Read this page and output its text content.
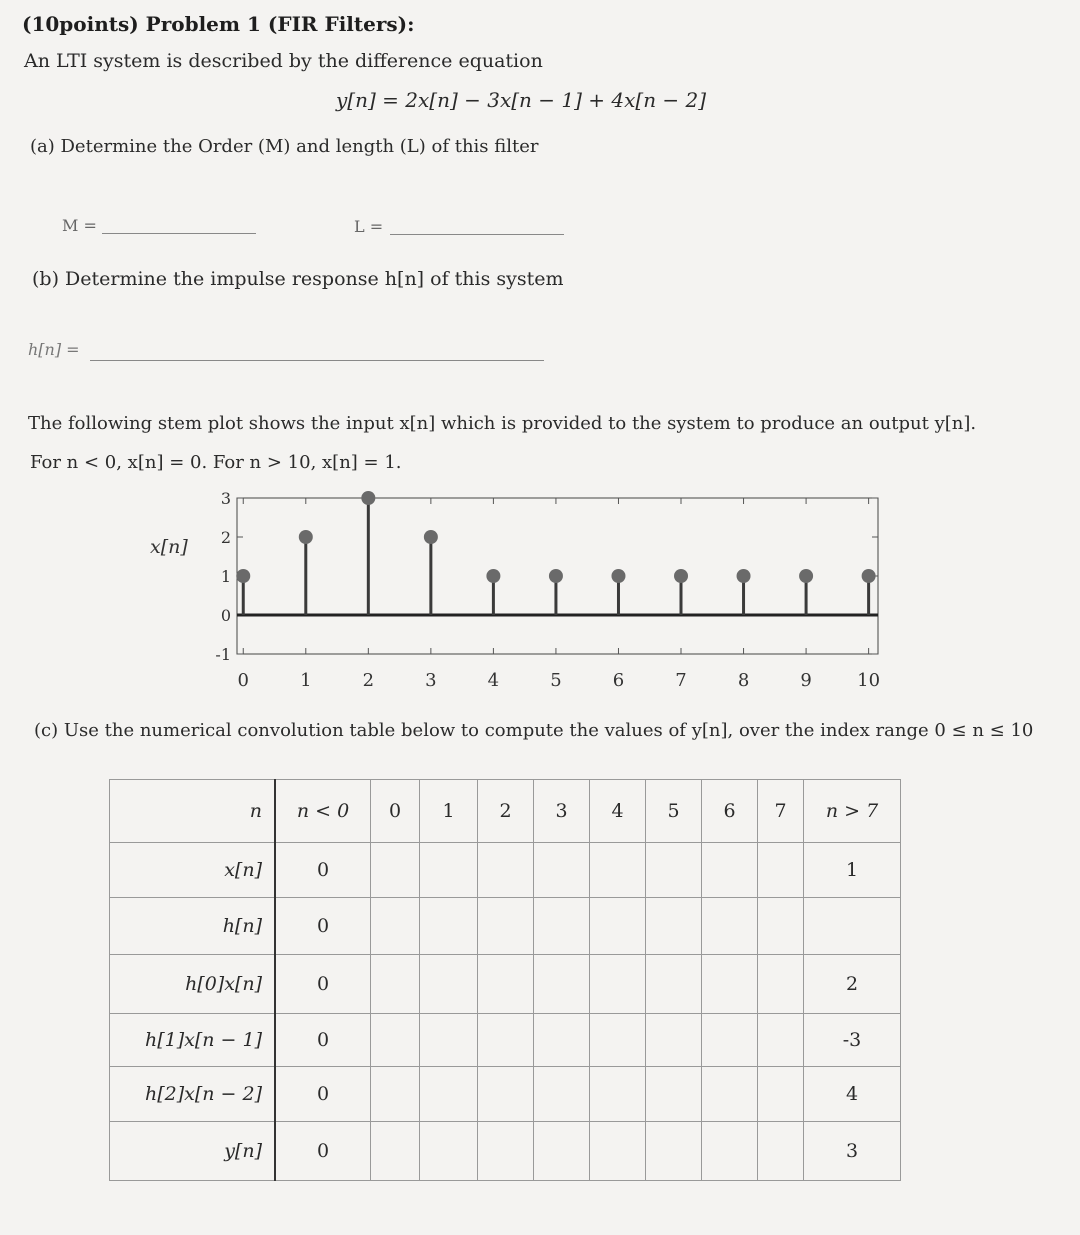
(10points) Problem 1 (FIR Filters):
An LTI system is described by the difference equation
y[n] = 2x[n] − 3x[n − 1] + 4x[n − 2]
(a) Determine the Order (M) and length (L) of this filter
M =	L =
(b) Determine the impulse response h[n] of this system
h[n] =
The following stem plot shows the input x[n] which is provided to the system to produce an output y[n].
For n < 0, x[n] = 0. For n > 10, x[n] = 1.
x[n]
3
2
1
0
-1
0	1	2	3	4	5	6	7	8	9	10
(c) Use the numerical convolution table below to compute the values of y[n], over the index range 0 ≤ n ≤ 10
n	n < 0	0	1	2	3	4	5	6	7	n > 7
x[n]	0									1
h[n]	0									
h[0]x[n]	0									2
h[1]x[n − 1]	0									-3
h[2]x[n − 2]	0									4
y[n]	0									3
